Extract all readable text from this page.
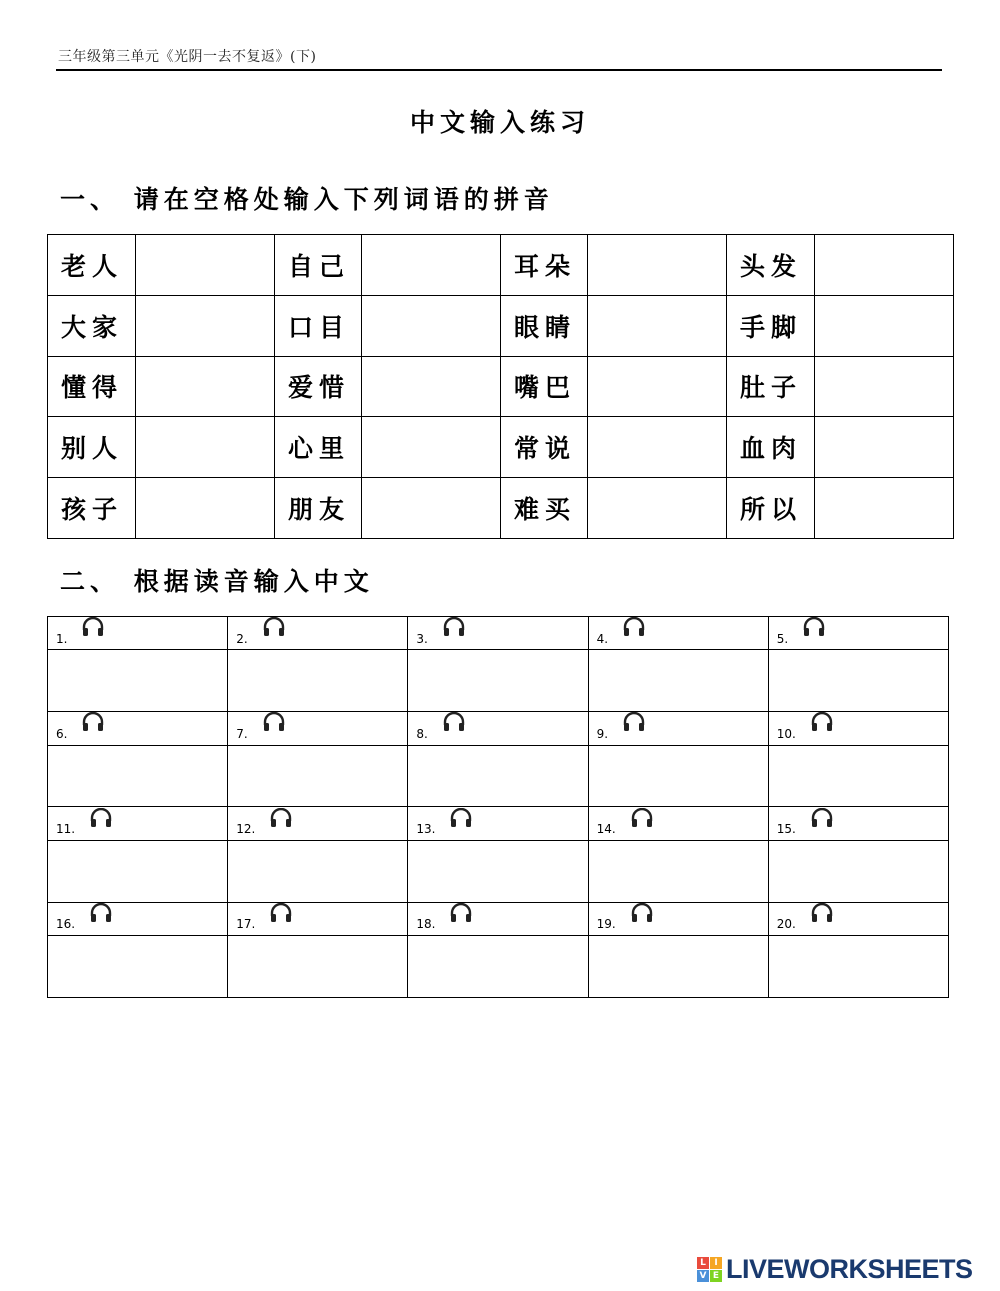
三年级第三单元《光阴一去不复返》(下)
中文输入练习
一、 请在空格处输入下列词语的拼音
老人		自己		耳朵		头发	
大家		口目		眼睛		手脚	
懂得		爱惜		嘴巴		肚子	
别人		心里		常说		血肉	
孩子		朋友		难买		所以	
二、 根据读音输入中文
1.	2.	3.	4.	5.

6.	7.	8.	9.	10.

11.	12.	13.	14.	15.

16.	17.	18.	19.	20.

L I
V E LIVEWORKSHEETS
